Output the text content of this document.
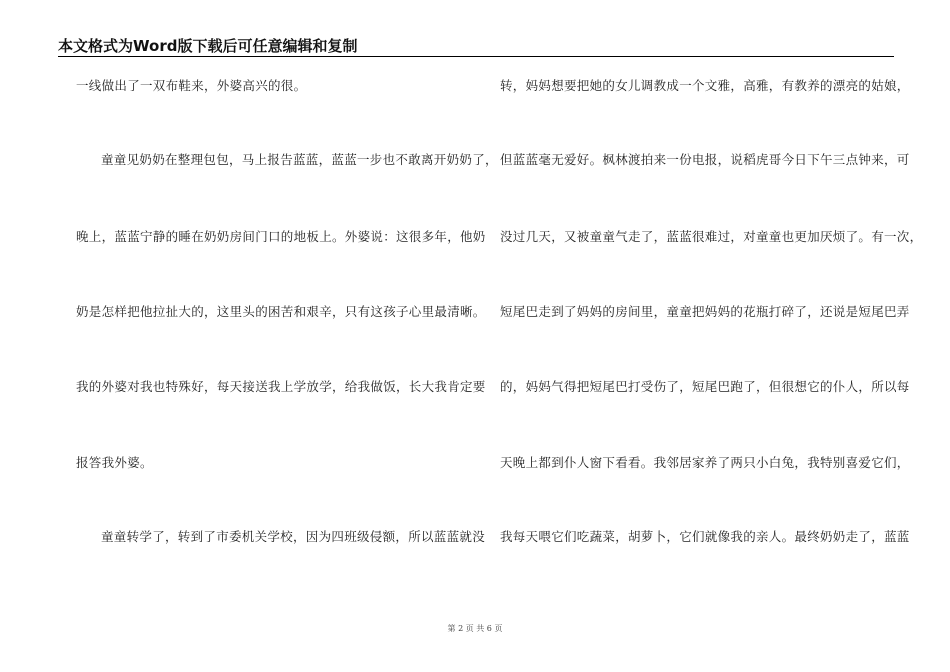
本文格式为Word版下载后可任意编辑和复制
一线做出了一双布鞋来，外婆高兴的很。
童童见奶奶在整理包包，马上报告蓝蓝，蓝蓝一步也不敢离开奶奶了，
晚上，蓝蓝宁静的睡在奶奶房间门口的地板上。外婆说：这很多年，他奶
奶是怎样把他拉扯大的，这里头的困苦和艰辛，只有这孩子心里最清晰。
我的外婆对我也特殊好，每天接送我上学放学，给我做饭，长大我肯定要
报答我外婆。
童童转学了，转到了市委机关学校，因为四班级侵额，所以蓝蓝就没
转，妈妈想要把她的女儿调教成一个文雅，高雅，有教养的漂亮的姑娘，
但蓝蓝毫无爱好。枫林渡拍来一份电报，说稻虎哥今日下午三点钟来，可
没过几天，又被童童气走了，蓝蓝很难过，对童童也更加厌烦了。有一次，
短尾巴走到了妈妈的房间里，童童把妈妈的花瓶打碎了，还说是短尾巴弄
的，妈妈气得把短尾巴打受伤了，短尾巴跑了，但很想它的仆人，所以每
天晚上都到仆人窗下看看。我邻居家养了两只小白兔，我特别喜爱它们，
我每天喂它们吃蔬菜，胡萝卜，它们就像我的亲人。最终奶奶走了，蓝蓝
第 2 页 共 6 页
